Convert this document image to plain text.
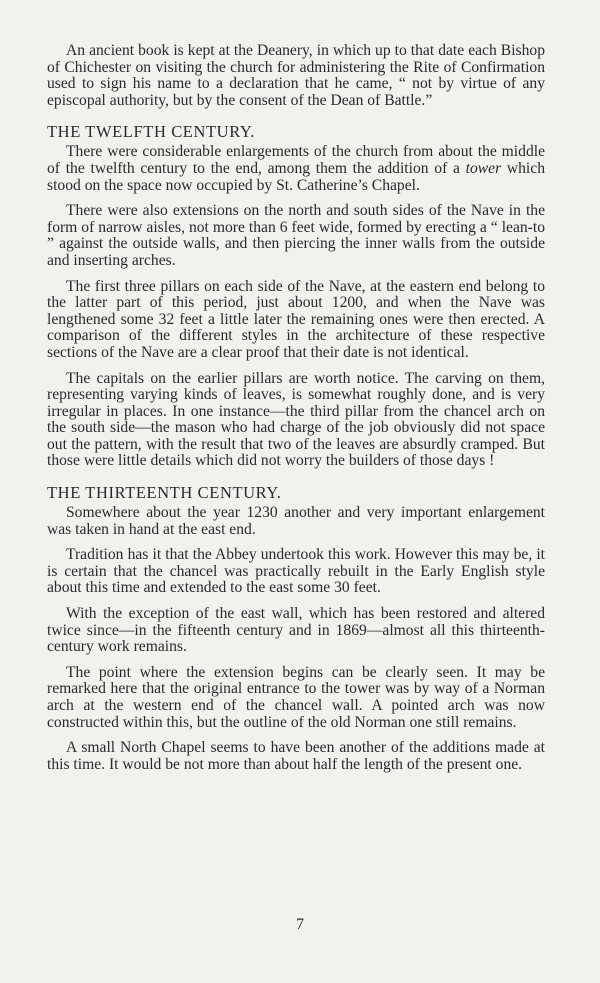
An ancient book is kept at the Deanery, in which up to that date each Bishop of Chichester on visiting the church for administering the Rite of Confirmation used to sign his name to a declaration that he came, “ not by virtue of any episcopal authority, but by the consent of the Dean of Battle.”

THE TWELFTH CENTURY.

There were considerable enlargements of the church from about the middle of the twelfth century to the end, among them the addition of a tower which stood on the space now occupied by St. Catherine’s Chapel.

There were also extensions on the north and south sides of the Nave in the form of narrow aisles, not more than 6 feet wide, formed by erecting a “ lean-to ” against the outside walls, and then piercing the inner walls from the outside and inserting arches.

The first three pillars on each side of the Nave, at the eastern end belong to the latter part of this period, just about 1200, and when the Nave was lengthened some 32 feet a little later the remaining ones were then erected. A comparison of the different styles in the architecture of these respective sections of the Nave are a clear proof that their date is not identical.

The capitals on the earlier pillars are worth notice. The carving on them, representing varying kinds of leaves, is somewhat roughly done, and is very irregular in places. In one instance—the third pillar from the chancel arch on the south side—the mason who had charge of the job obviously did not space out the pattern, with the result that two of the leaves are absurdly cramped. But those were little details which did not worry the builders of those days !

THE THIRTEENTH CENTURY.

Somewhere about the year 1230 another and very important enlargement was taken in hand at the east end.

Tradition has it that the Abbey undertook this work. However this may be, it is certain that the chancel was practically rebuilt in the Early English style about this time and extended to the east some 30 feet.

With the exception of the east wall, which has been restored and altered twice since—in the fifteenth century and in 1869—almost all this thirteenth-century work remains.

The point where the extension begins can be clearly seen. It may be remarked here that the original entrance to the tower was by way of a Norman arch at the western end of the chancel wall. A pointed arch was now constructed within this, but the outline of the old Norman one still remains.

A small North Chapel seems to have been another of the additions made at this time. It would be not more than about half the length of the present one.

7
